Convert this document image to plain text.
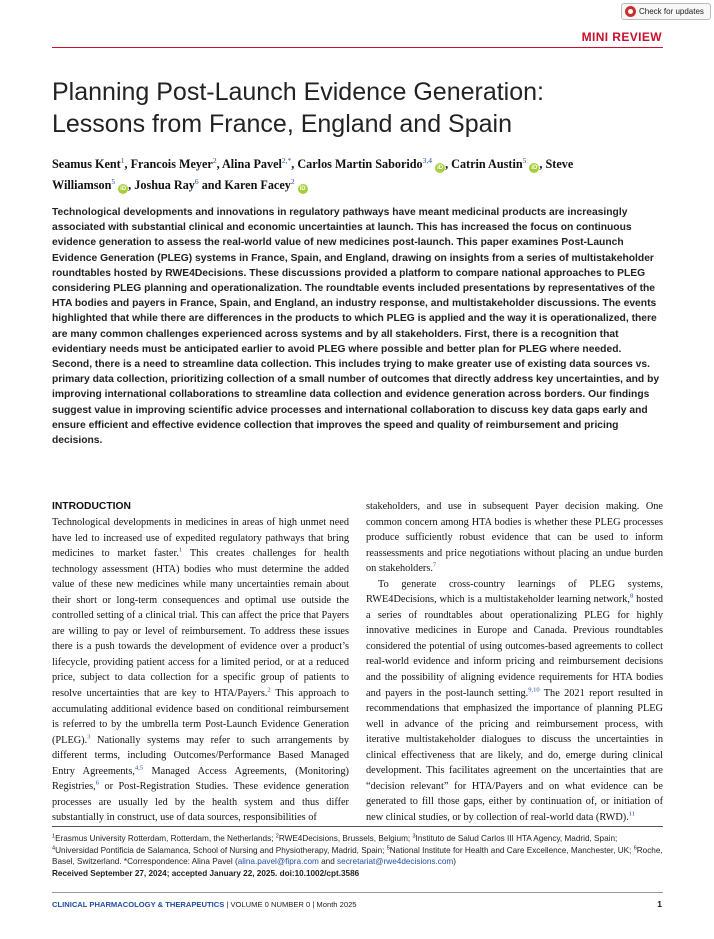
Check for updates
MINI REVIEW
Planning Post-Launch Evidence Generation:
Lessons from France, England and Spain
Seamus Kent$^1$, Francois Meyer$^2$, Alina Pavel$^{2,*}$, Carlos Martin Saborido$^{3,4}$ iD , Catrin Austin$^5$ iD , Steve Williamson$^5$ iD , Joshua Ray$^6$ and Karen Facey$^2$ iD
Technological developments and innovations in regulatory pathways have meant medicinal products are increasingly associated with substantial clinical and economic uncertainties at launch. This has increased the focus on continuous evidence generation to assess the real-world value of new medicines post-launch. This paper examines Post-Launch Evidence Generation (PLEG) systems in France, Spain, and England, drawing on insights from a series of multistakeholder roundtables hosted by RWE4Decisions. These discussions provided a platform to compare national approaches to PLEG considering PLEG planning and operationalization. The roundtable events included presentations by representatives of the HTA bodies and payers in France, Spain, and England, an industry response, and multistakeholder discussions. The events highlighted that while there are differences in the products to which PLEG is applied and the way it is operationalized, there are many common challenges experienced across systems and by all stakeholders. First, there is a recognition that evidentiary needs must be anticipated earlier to avoid PLEG where possible and better plan for PLEG where needed. Second, there is a need to streamline data collection. This includes trying to make greater use of existing data sources vs. primary data collection, prioritizing collection of a small number of outcomes that directly address key uncertainties, and by improving international collaborations to streamline data collection and evidence generation across borders. Our findings suggest value in improving scientific advice processes and international collaboration to discuss key data gaps early and ensure efficient and effective evidence collection that improves the speed and quality of reimbursement and pricing decisions.
INTRODUCTION

Technological developments in medicines in areas of high unmet need have led to increased use of expedited regulatory pathways that bring medicines to market faster.$^1$ This creates challenges for health technology assessment (HTA) bodies who must determine the added value of these new medicines while many uncertainties remain about their short or long-term consequences and optimal use outside the controlled setting of a clinical trial. This can affect the price that Payers are willing to pay or level of reimbursement. To address these issues there is a push towards the development of evidence over a product’s lifecycle, providing patient access for a limited period, or at a reduced price, subject to data collection for a specific group of patients to resolve uncertainties that are key to HTA/Payers.$^2$ This approach to accumulating additional evidence based on conditional reimbursement is referred to by the umbrella term Post-Launch Evidence Generation (PLEG).$^3$ Nationally systems may refer to such arrangements by different terms, including Outcomes/Performance Based Managed Entry Agreements,$^{4,5}$ Managed Access Agreements, (Monitoring) Registries,$^6$ or Post-Registration Studies. These evidence generation processes are usually led by the health system and thus differ substantially in construct, use of data sources, responsibilities of

stakeholders, and use in subsequent Payer decision making. One common concern among HTA bodies is whether these PLEG processes produce sufficiently robust evidence that can be used to inform reassessments and price negotiations without placing an undue burden on stakeholders.$^7$

To generate cross-country learnings of PLEG systems, RWE4Decisions, which is a multistakeholder learning network,$^8$ hosted a series of roundtables about operationalizing PLEG for highly innovative medicines in Europe and Canada. Previous roundtables considered the potential of using outcomes-based agreements to collect real-world evidence and inform pricing and reimbursement decisions and the possibility of aligning evidence requirements for HTA bodies and payers in the post-launch setting.$^{9,10}$ The 2021 report resulted in recommendations that emphasized the importance of planning PLEG well in advance of the pricing and reimbursement process, with iterative multistakeholder dialogues to discuss the uncertainties in clinical effectiveness that are likely, and do, emerge during clinical development. This facilitates agreement on the uncertainties that are “decision relevant” for HTA/Payers and on what evidence can be generated to fill those gaps, either by continuation of, or initiation of new clinical studies, or by collection of real-world data (RWD).$^{11}$

$^1$Erasmus University Rotterdam, Rotterdam, the Netherlands; $^2$RWE4Decisions, Brussels, Belgium; $^3$Instituto de Salud Carlos III HTA Agency, Madrid, Spain; $^4$Universidad Pontificia de Salamanca, School of Nursing and Physiotherapy, Madrid, Spain; $^5$National Institute for Health and Care Excellence, Manchester, UK; $^6$Roche, Basel, Switzerland. *Correspondence: Alina Pavel (alina.pavel@fipra.com and secretariat@rwe4decisions.com)
Received September 27, 2024; accepted January 22, 2025. doi:10.1002/cpt.3586
CLINICAL PHARMACOLOGY & THERAPEUTICS | VOLUME 0 NUMBER 0 | Month 2025	1
